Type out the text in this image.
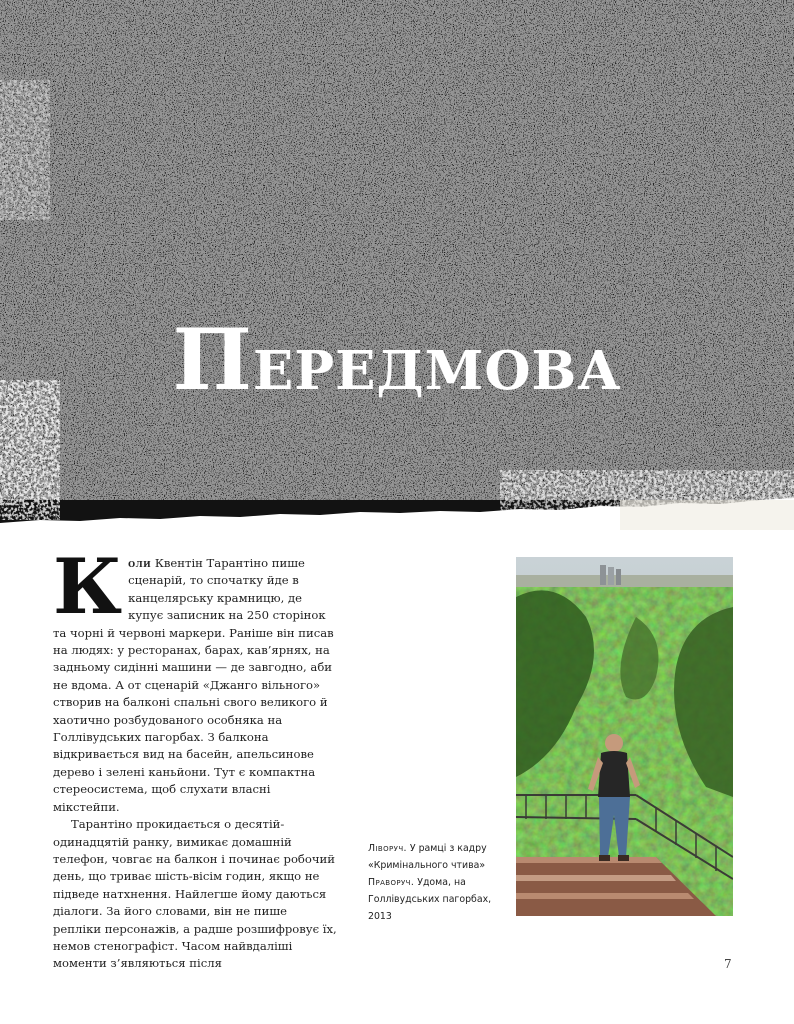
Передмова

Коли Квентін Тарантіно пише сценарій, то спочатку йде в канцелярську крамницю, де купує записник на 250 сторінок та чорні й червоні маркери. Раніше він писав на людях: у ресторанах, барах, кав’ярнях, на задньому сидінні машини — де завгодно, аби не вдома. А от сценарій «Джанго вільного» створив на балконі спальні свого великого й хаотично розбудованого особняка на Голлівудських пагорбах. З балкона відкривається вид на басейн, апельсинове дерево і зелені каньйони. Тут є компактна стереосистема, щоб слухати власні мікстейпи.

Тарантіно прокидається о десятій-одинадцятій ранку, вимикає домашній телефон, човгає на балкон і починає робочий день, що триває шість-вісім годин, якщо не підведе натхнення. Найлегше йому даються діалоги. За його словами, він не пише репліки персонажів, а радше розшифровує їх, немов стенографіст. Часом найвдаліші моменти з’являються після

Ліворуч. У рамці з кадру «Кримінального чтива»
Праворуч. Удома, на Голлівудських пагорбах, 2013
7
